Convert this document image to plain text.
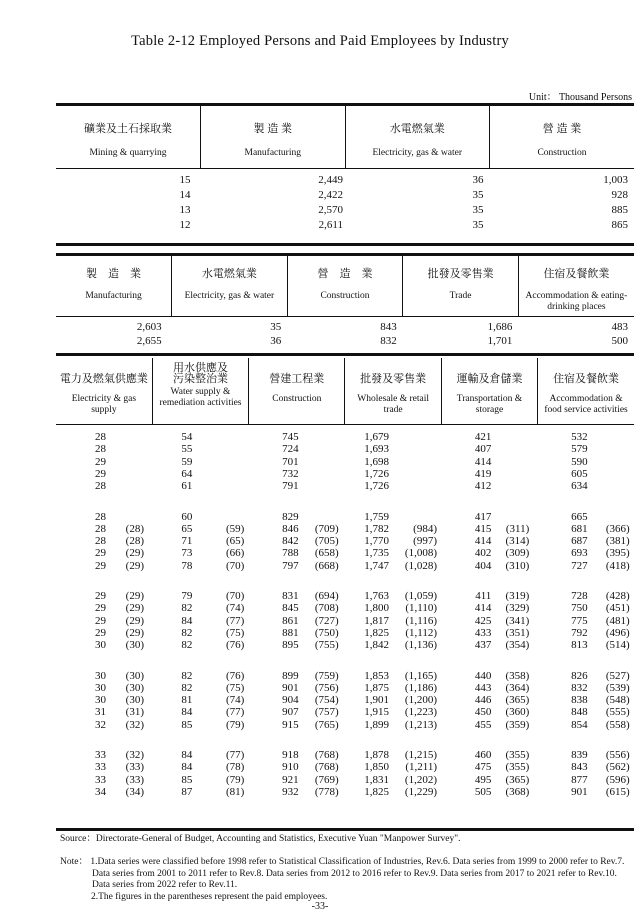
Table 2-12 Employed Persons and Paid Employees by Industry
Unit： Thousand Persons
礦業及土石採取業
Mining & quarrying

製 造 業
Manufacturing

水電燃氣業
Electricity, gas & water

營 造 業
Construction
15	2,449	36	1,003
14	2,422	35	928
13	2,570	35	885
12	2,611	35	865
製　造　業
Manufacturing

水電燃氣業
Electricity, gas & water

營　造　業
Construction

批發及零售業
Trade

住宿及餐飲業
Accommodation & eating-drinking places
2,603	35	843	1,686	483
2,655	36	832	1,701	500
電力及燃氣供應業
Electricity & gas supply

用水供應及污染整治業
Water supply & remediation activities

營建工程業
Construction

批發及零售業
Wholesale & retail trade

運輸及倉儲業
Transportation & storage

住宿及餐飲業
Accommodation & food service activities
28	54	745	1,679	421	532
28	55	724	1,693	407	579
29	59	701	1,698	414	590
29	64	732	1,726	419	605
28	61	791	1,726	412	634
28	60	829	1,759	417	665
28	(28)	65	(59)	846	(709)	1,782	(984)	415	(311)	681	(366)
28	(28)	71	(65)	842	(705)	1,770	(997)	414	(314)	687	(381)
29	(29)	73	(66)	788	(658)	1,735	(1,008)	402	(309)	693	(395)
29	(29)	78	(70)	797	(668)	1,747	(1,028)	404	(310)	727	(418)
29	(29)	79	(70)	831	(694)	1,763	(1,059)	411	(319)	728	(428)
29	(29)	82	(74)	845	(708)	1,800	(1,110)	414	(329)	750	(451)
29	(29)	84	(77)	861	(727)	1,817	(1,116)	425	(341)	775	(481)
29	(29)	82	(75)	881	(750)	1,825	(1,112)	433	(351)	792	(496)
30	(30)	82	(76)	895	(755)	1,842	(1,136)	437	(354)	813	(514)
30	(30)	82	(76)	899	(759)	1,853	(1,165)	440	(358)	826	(527)
30	(30)	82	(75)	901	(756)	1,875	(1,186)	443	(364)	832	(539)
30	(30)	81	(74)	904	(754)	1,901	(1,200)	446	(365)	838	(548)
31	(31)	84	(77)	907	(757)	1,915	(1,223)	450	(360)	848	(555)
32	(32)	85	(79)	915	(765)	1,899	(1,213)	455	(359)	854	(558)
33	(32)	84	(77)	918	(768)	1,878	(1,215)	460	(355)	839	(556)
33	(33)	84	(78)	910	(768)	1,850	(1,211)	475	(355)	843	(562)
33	(33)	85	(79)	921	(769)	1,831	(1,202)	495	(365)	877	(596)
34	(34)	87	(81)	932	(778)	1,825	(1,229)	505	(368)	901	(615)
Source：Directorate-General of Budget, Accounting and Statistics, Executive Yuan "Manpower Survey".
Note： 1.Data series were classified before 1998 refer to Statistical Classification of Industries, Rev.6. Data series from 1999 to 2000 refer to Rev.7. Data series from 2001 to 2011 refer to Rev.8. Data series from 2012 to 2016 refer to Rev.9. Data series from 2017 to 2021 refer to Rev.10. Data series from 2022 refer to Rev.11.
2.The figures in the parentheses represent the paid employees.
-33-
